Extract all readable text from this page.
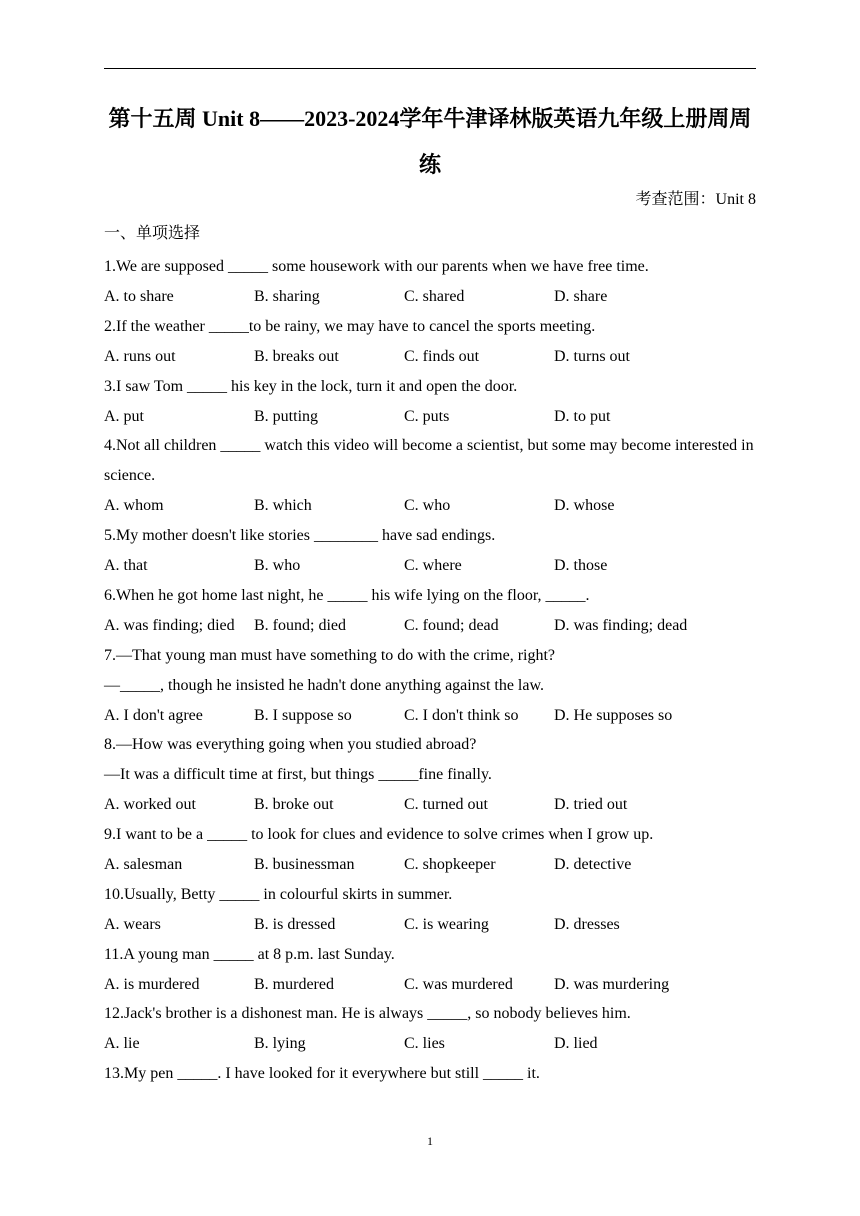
第十五周 Unit 8——2023-2024学年牛津译林版英语九年级上册周周练
考查范围：Unit 8
一、单项选择
1.We are supposed _____ some housework with our parents when we have free time.
A. to share	B. sharing	C. shared	D. share
2.If the weather _____to be rainy, we may have to cancel the sports meeting.
A. runs out	B. breaks out	C. finds out	D. turns out
3.I saw Tom _____ his key in the lock, turn it and open the door.
A. put	B. putting	C. puts	D. to put
4.Not all children _____ watch this video will become a scientist, but some may become interested in science.
A. whom	B. which	C. who	D. whose
5.My mother doesn't like stories ________ have sad endings.
A. that	B. who	C. where	D. those
6.When he got home last night, he _____ his wife lying on the floor, _____.
A. was finding; died B. found; died	C. found; dead	D. was finding; dead
7.—That young man must have something to do with the crime, right?
—_____, though he insisted he hadn't done anything against the law.
A. I don't agree	B. I suppose so	C. I don't think so D. He supposes so
8.—How was everything going when you studied abroad?
—It was a difficult time at first, but things _____fine finally.
A. worked out	B. broke out	C. turned out	D. tried out
9.I want to be a _____ to look for clues and evidence to solve crimes when I grow up.
A. salesman	B. businessman	C. shopkeeper	D. detective
10.Usually, Betty _____ in colourful skirts in summer.
A. wears	B. is dressed	C. is wearing	D. dresses
11.A young man _____ at 8 p.m. last Sunday.
A. is murdered	B. murdered	C. was murdered	D. was murdering
12.Jack's brother is a dishonest man. He is always _____, so nobody believes him.
A. lie	B. lying	C. lies	D. lied
13.My pen _____. I have looked for it everywhere but still _____ it.
1
